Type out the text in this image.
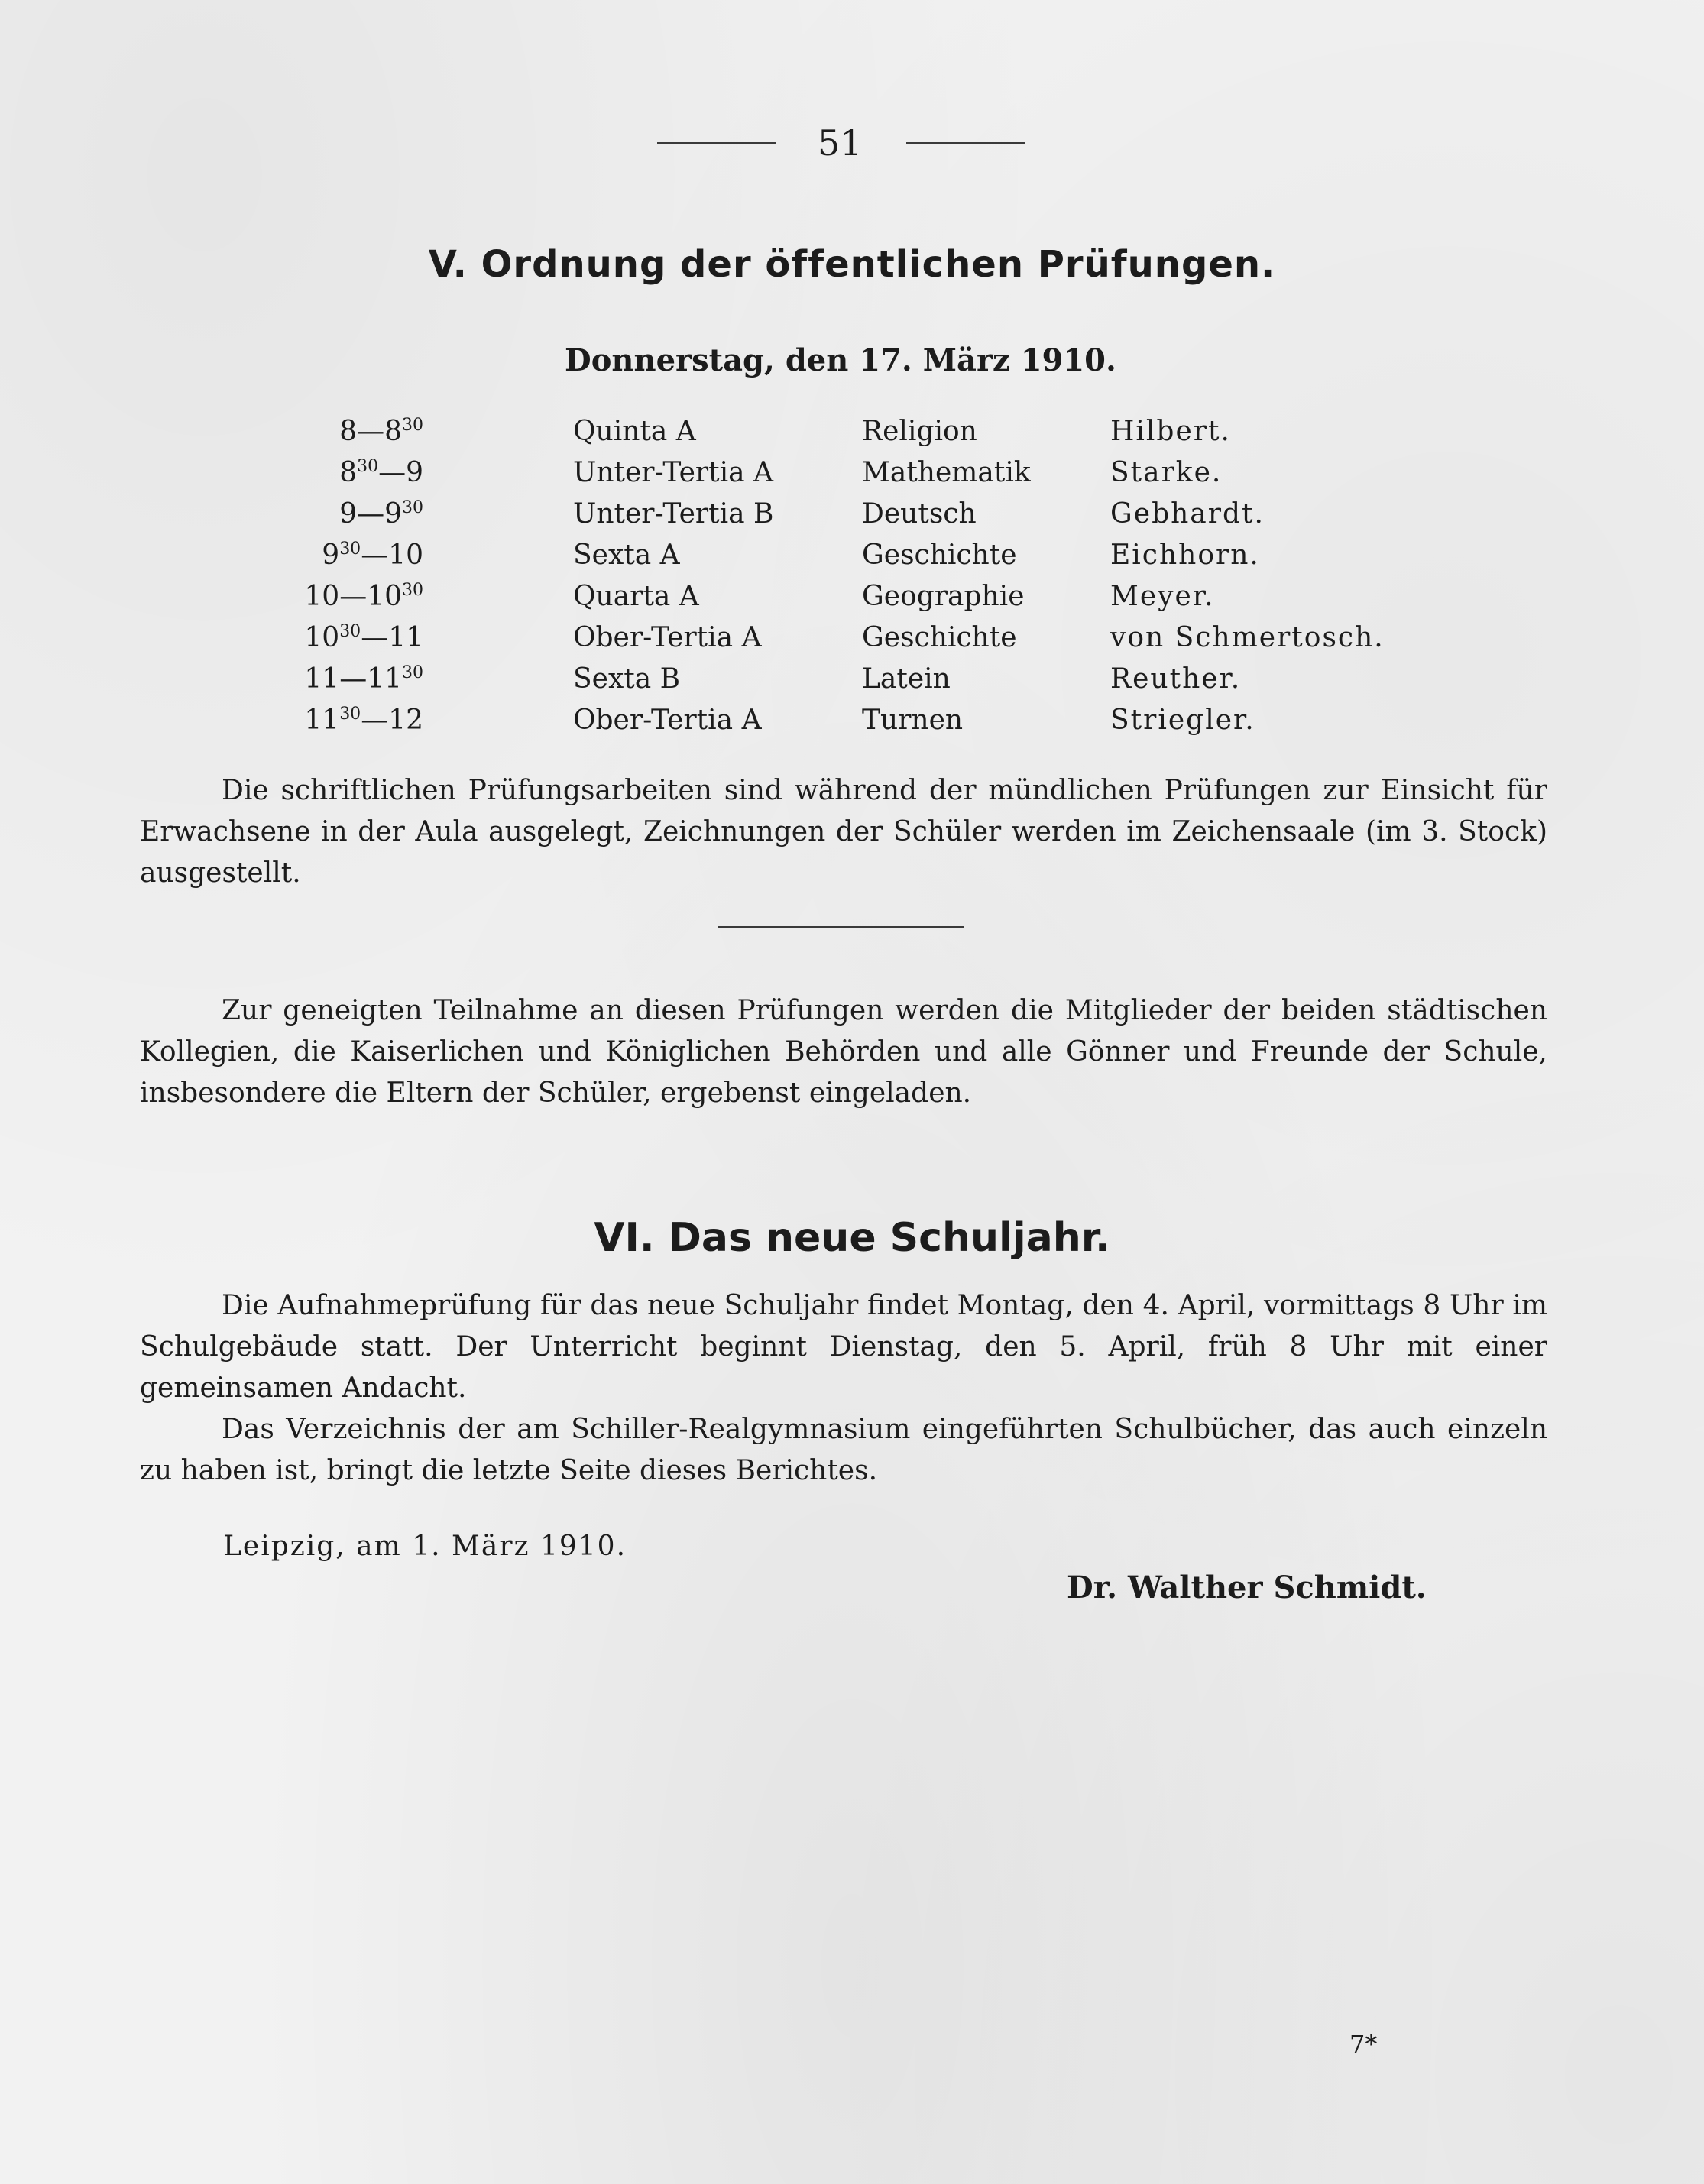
51
V. Ordnung der öffentlichen Prüfungen.
Donnerstag, den 17. März 1910.
$8—8^{30}$	Quinta A	Religion	Hilbert.
$8^{30}—9$	Unter-Tertia A	Mathematik	Starke.
$9—9^{30}$	Unter-Tertia B	Deutsch	Gebhardt.
$9^{30}—10$	Sexta A	Geschichte	Eichhorn.
$10—10^{30}$	Quarta A	Geographie	Meyer.
$10^{30}—11$	Ober-Tertia A	Geschichte	von Schmertosch.
$11—11^{30}$	Sexta B	Latein	Reuther.
$11^{30}—12$	Ober-Tertia A	Turnen	Striegler.

Die schriftlichen Prüfungsarbeiten sind während der mündlichen Prüfungen zur Einsicht für Erwachsene in der Aula ausgelegt, Zeichnungen der Schüler werden im Zeichensaale (im 3. Stock) ausgestellt.

Zur geneigten Teilnahme an diesen Prüfungen werden die Mitglieder der beiden städtischen Kollegien, die Kaiserlichen und Königlichen Behörden und alle Gönner und Freunde der Schule, insbesondere die Eltern der Schüler, ergebenst eingeladen.

VI. Das neue Schuljahr.

Die Aufnahmeprüfung für das neue Schuljahr findet Montag, den 4. April, vormittags 8 Uhr im Schulgebäude statt. Der Unterricht beginnt Dienstag, den 5. April, früh 8 Uhr mit einer gemeinsamen Andacht.

Das Verzeichnis der am Schiller-Realgymnasium eingeführten Schulbücher, das auch einzeln zu haben ist, bringt die letzte Seite dieses Berichtes.

Leipzig, am 1. März 1910.
Dr. Walther Schmidt.
7*
